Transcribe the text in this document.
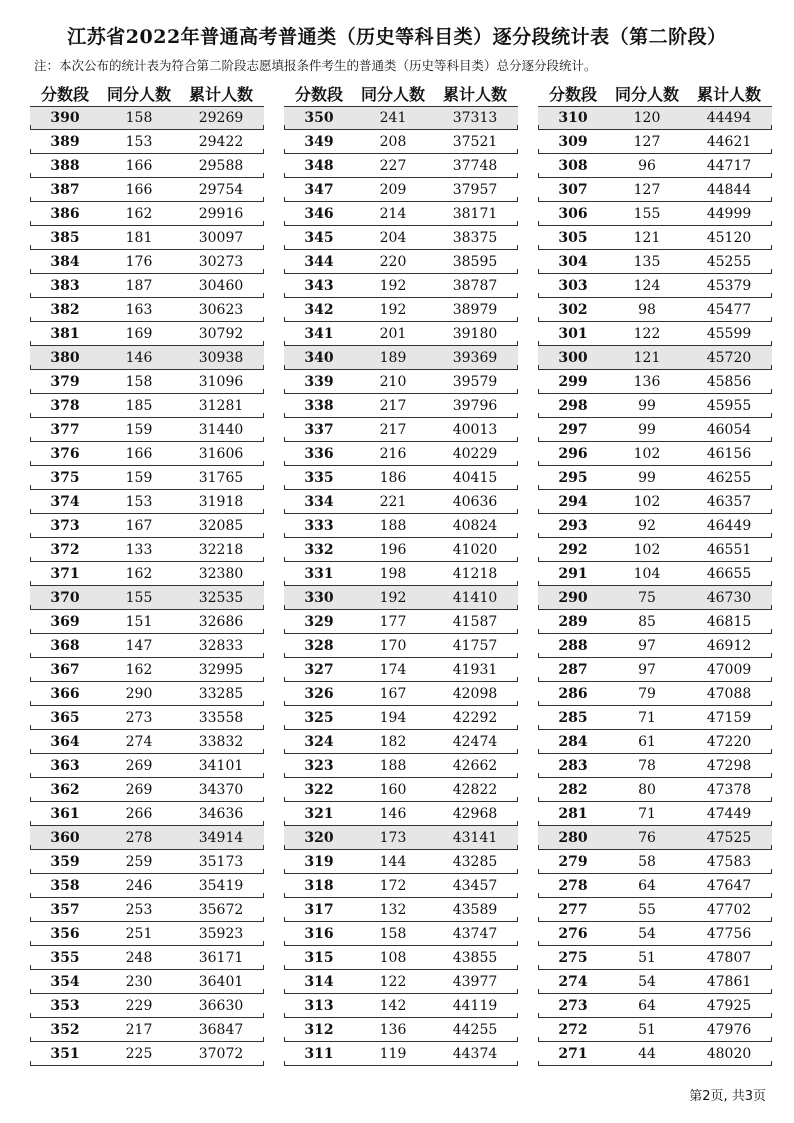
江苏省2022年普通高考普通类（历史等科目类）逐分段统计表（第二阶段）
注：本次公布的统计表为符合第二阶段志愿填报条件考生的普通类（历史等科目类）总分逐分段统计。
分数段	同分人数	累计人数
390	158	29269
389	153	29422
388	166	29588
387	166	29754
386	162	29916
385	181	30097
384	176	30273
383	187	30460
382	163	30623
381	169	30792
380	146	30938
379	158	31096
378	185	31281
377	159	31440
376	166	31606
375	159	31765
374	153	31918
373	167	32085
372	133	32218
371	162	32380
370	155	32535
369	151	32686
368	147	32833
367	162	32995
366	290	33285
365	273	33558
364	274	33832
363	269	34101
362	269	34370
361	266	34636
360	278	34914
359	259	35173
358	246	35419
357	253	35672
356	251	35923
355	248	36171
354	230	36401
353	229	36630
352	217	36847
351	225	37072
分数段	同分人数	累计人数
350	241	37313
349	208	37521
348	227	37748
347	209	37957
346	214	38171
345	204	38375
344	220	38595
343	192	38787
342	192	38979
341	201	39180
340	189	39369
339	210	39579
338	217	39796
337	217	40013
336	216	40229
335	186	40415
334	221	40636
333	188	40824
332	196	41020
331	198	41218
330	192	41410
329	177	41587
328	170	41757
327	174	41931
326	167	42098
325	194	42292
324	182	42474
323	188	42662
322	160	42822
321	146	42968
320	173	43141
319	144	43285
318	172	43457
317	132	43589
316	158	43747
315	108	43855
314	122	43977
313	142	44119
312	136	44255
311	119	44374
分数段	同分人数	累计人数
310	120	44494
309	127	44621
308	96	44717
307	127	44844
306	155	44999
305	121	45120
304	135	45255
303	124	45379
302	98	45477
301	122	45599
300	121	45720
299	136	45856
298	99	45955
297	99	46054
296	102	46156
295	99	46255
294	102	46357
293	92	46449
292	102	46551
291	104	46655
290	75	46730
289	85	46815
288	97	46912
287	97	47009
286	79	47088
285	71	47159
284	61	47220
283	78	47298
282	80	47378
281	71	47449
280	76	47525
279	58	47583
278	64	47647
277	55	47702
276	54	47756
275	51	47807
274	54	47861
273	64	47925
272	51	47976
271	44	48020
第2页, 共3页
